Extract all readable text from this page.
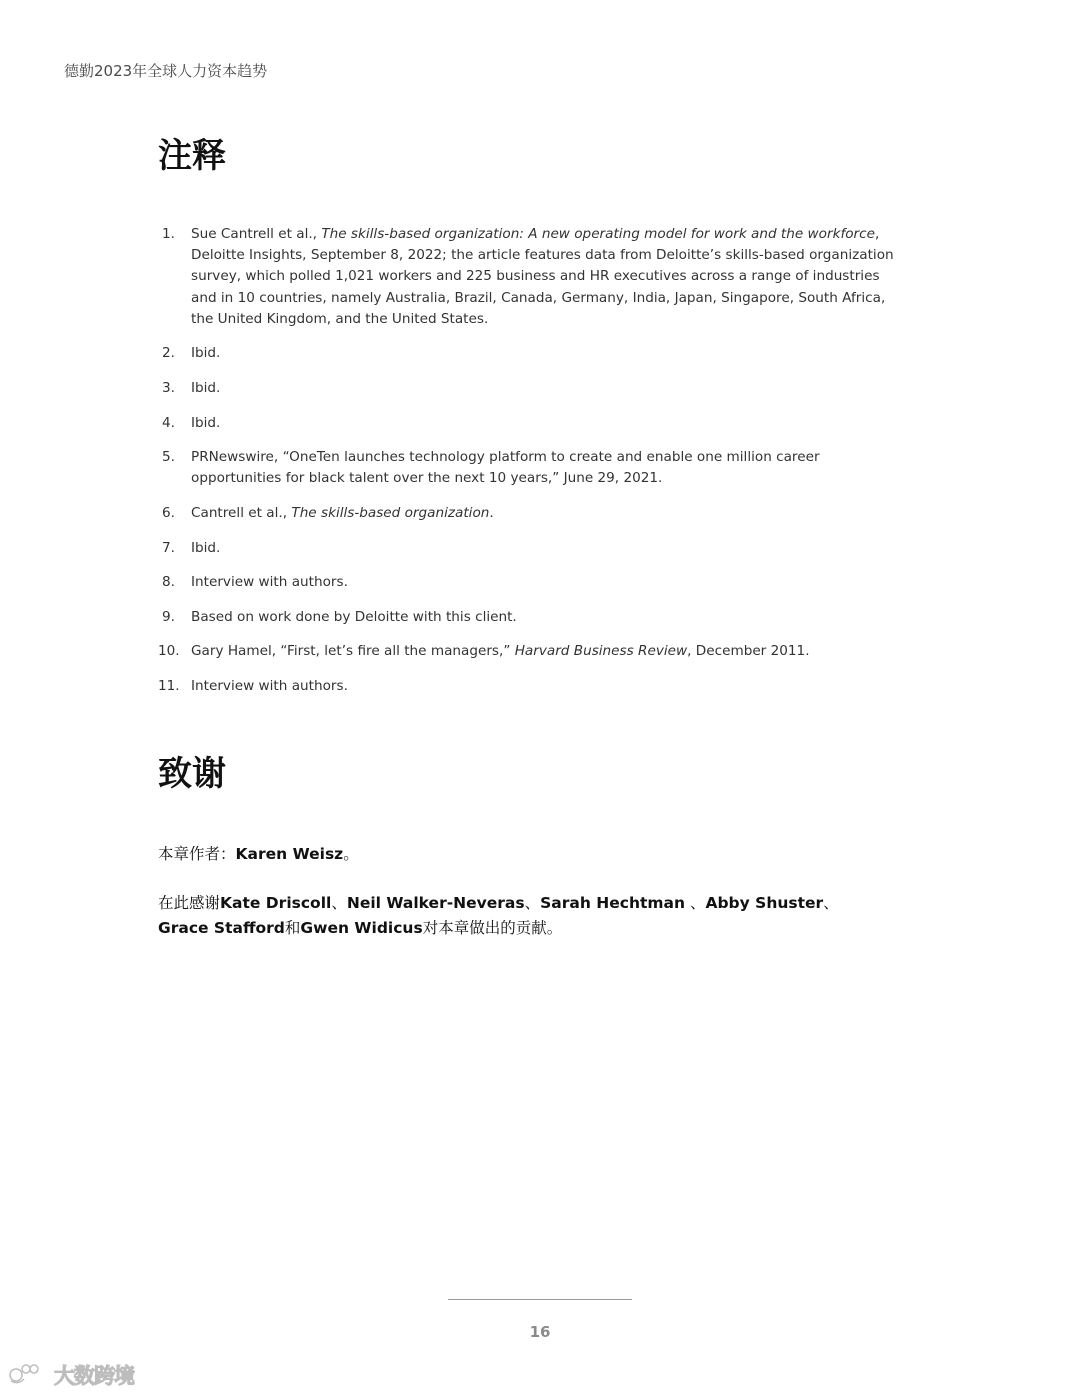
德勤2023年全球人力资本趋势
注释
1. Sue Cantrell et al., The skills-based organization: A new operating model for work and the workforce, Deloitte Insights, September 8, 2022; the article features data from Deloitte’s skills-based organization survey, which polled 1,021 workers and 225 business and HR executives across a range of industries and in 10 countries, namely Australia, Brazil, Canada, Germany, India, Japan, Singapore, South Africa, the United Kingdom, and the United States.
2. Ibid.
3. Ibid.
4. Ibid.
5. PRNewswire, “OneTen launches technology platform to create and enable one million career opportunities for black talent over the next 10 years,” June 29, 2021.
6. Cantrell et al., The skills-based organization.
7. Ibid.
8. Interview with authors.
9. Based on work done by Deloitte with this client.
10. Gary Hamel, “First, let’s fire all the managers,” Harvard Business Review, December 2011.
11. Interview with authors.
致谢

本章作者：Karen Weisz。

在此感谢Kate Driscoll、Neil Walker-Neveras、Sarah Hechtman 、Abby Shuster、Grace Stafford和Gwen Widicus对本章做出的贡献。

16
大数跨境
